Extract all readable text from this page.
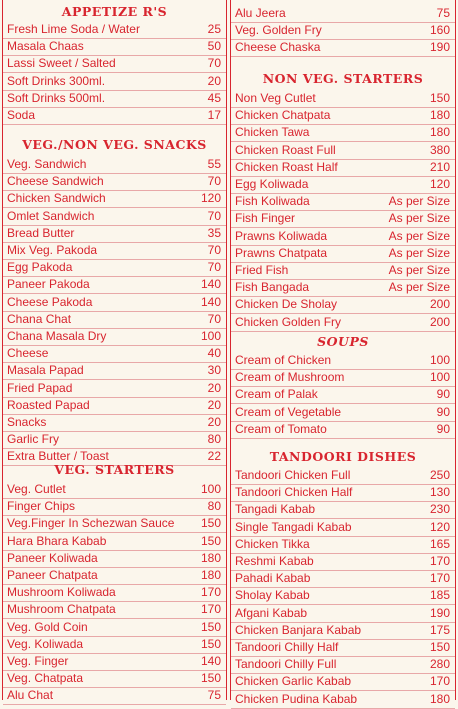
APPETIZE R'S
Fresh Lime Soda / Water	25
Masala Chaas	50
Lassi Sweet / Salted	70
Soft Drinks 300ml.	20
Soft Drinks 500ml.	45
Soda	17
VEG./NON VEG. SNACKS
Veg. Sandwich	55
Cheese Sandwich	70
Chicken Sandwich	120
Omlet Sandwich	70
Bread Butter	35
Mix Veg. Pakoda	70
Egg Pakoda	70
Paneer Pakoda	140
Cheese Pakoda	140
Chana Chat	70
Chana Masala Dry	100
Cheese	40
Masala Papad	30
Fried Papad	20
Roasted Papad	20
Snacks	20
Garlic Fry	80
Extra Butter / Toast	22
VEG. STARTERS
Veg. Cutlet	100
Finger Chips	80
Veg.Finger In Schezwan Sauce 150
Hara Bhara Kabab	150
Paneer Koliwada	180
Paneer Chatpata	180
Mushroom Koliwada	170
Mushroom Chatpata	170
Veg. Gold Coin	150
Veg. Koliwada	150
Veg. Finger	140
Veg. Chatpata	150
Alu Chat	75
Alu Jeera	75
Veg. Golden Fry	160
Cheese Chaska	190
NON VEG. STARTERS
Non Veg Cutlet	150
Chicken Chatpata	180
Chicken Tawa	180
Chicken Roast Full	380
Chicken Roast Half	210
Egg Koliwada	120
Fish Koliwada	As per Size
Fish Finger	As per Size
Prawns Koliwada	As per Size
Prawns Chatpata	As per Size
Fried Fish	As per Size
Fish Bangada	As per Size
Chicken De Sholay	200
Chicken Golden Fry	200
SOUPS
Cream of Chicken	100
Cream of Mushroom	100
Cream of Palak	90
Cream of Vegetable	90
Cream of Tomato	90
TANDOORI DISHES
Tandoori Chicken Full	250
Tandoori Chicken Half	130
Tangadi Kabab	230
Single Tangadi Kabab	120
Chicken Tikka	165
Reshmi Kabab	170
Pahadi Kabab	170
Sholay Kabab	185
Afgani Kabab	190
Chicken Banjara Kabab	175
Tandoori Chilly Half	150
Tandoori Chilly Full	280
Chicken Garlic Kabab	170
Chicken Pudina Kabab	180
